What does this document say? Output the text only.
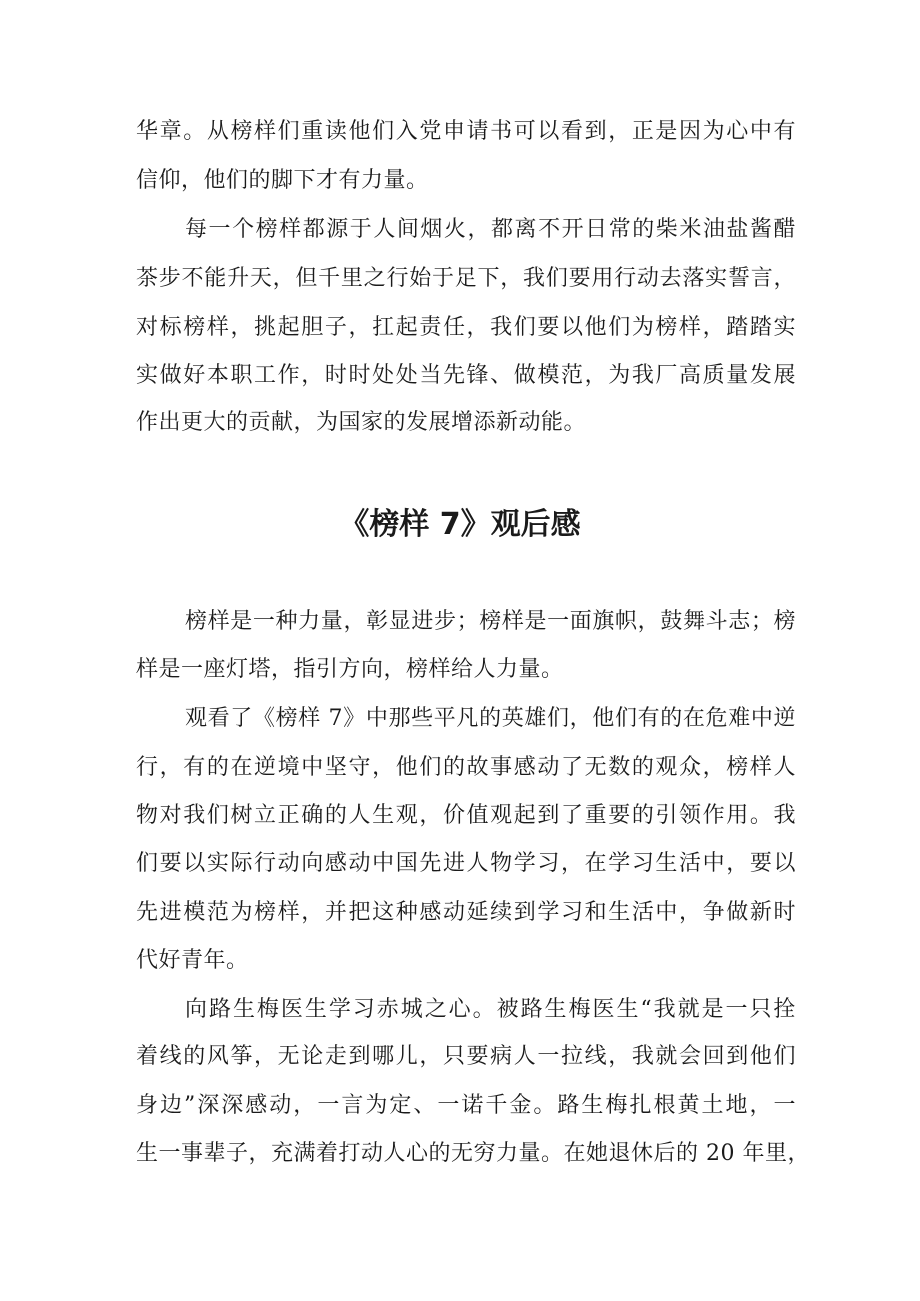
华章。从榜样们重读他们入党申请书可以看到，正是因为心中有
信仰，他们的脚下才有力量。
每一个榜样都源于人间烟火，都离不开日常的柴米油盐酱醋
茶步不能升天，但千里之行始于足下，我们要用行动去落实誓言，
对标榜样，挑起胆子，扛起责任，我们要以他们为榜样，踏踏实
实做好本职工作，时时处处当先锋、做模范，为我厂高质量发展
作出更大的贡献，为国家的发展增添新动能。
《榜样 7》观后感
榜样是一种力量，彰显进步；榜样是一面旗帜，鼓舞斗志；榜
样是一座灯塔，指引方向，榜样给人力量。
观看了《榜样 7》中那些平凡的英雄们，他们有的在危难中逆
行，有的在逆境中坚守，他们的故事感动了无数的观众，榜样人
物对我们树立正确的人生观，价值观起到了重要的引领作用。我
们要以实际行动向感动中国先进人物学习，在学习生活中，要以
先进模范为榜样，并把这种感动延续到学习和生活中，争做新时
代好青年。
向路生梅医生学习赤城之心。被路生梅医生“我就是一只拴
着线的风筝，无论走到哪儿，只要病人一拉线，我就会回到他们
身边”深深感动，一言为定、一诺千金。路生梅扎根黄土地，一
生一事辈子，充满着打动人心的无穷力量。在她退休后的 20 年里，
